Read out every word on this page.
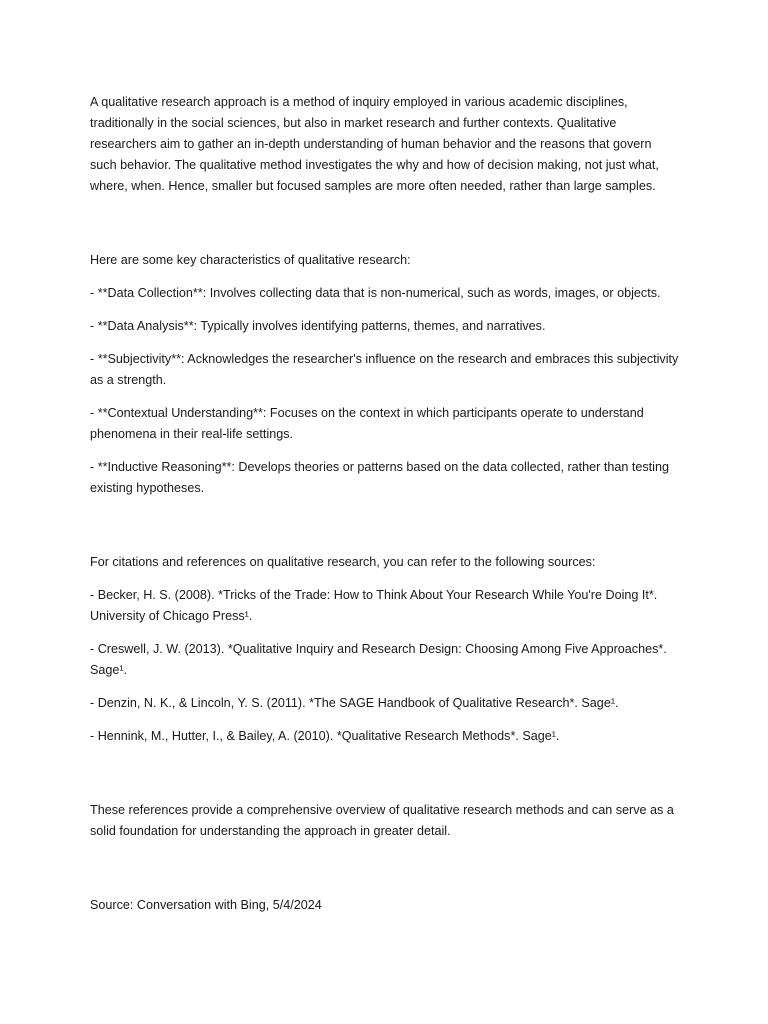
A qualitative research approach is a method of inquiry employed in various academic disciplines, traditionally in the social sciences, but also in market research and further contexts. Qualitative researchers aim to gather an in-depth understanding of human behavior and the reasons that govern such behavior. The qualitative method investigates the why and how of decision making, not just what, where, when. Hence, smaller but focused samples are more often needed, rather than large samples.

Here are some key characteristics of qualitative research:

- **Data Collection**: Involves collecting data that is non-numerical, such as words, images, or objects.

- **Data Analysis**: Typically involves identifying patterns, themes, and narratives.

- **Subjectivity**: Acknowledges the researcher's influence on the research and embraces this subjectivity as a strength.

- **Contextual Understanding**: Focuses on the context in which participants operate to understand phenomena in their real-life settings.

- **Inductive Reasoning**: Develops theories or patterns based on the data collected, rather than testing existing hypotheses.

For citations and references on qualitative research, you can refer to the following sources:

- Becker, H. S. (2008). *Tricks of the Trade: How to Think About Your Research While You're Doing It*. University of Chicago Press¹.

- Creswell, J. W. (2013). *Qualitative Inquiry and Research Design: Choosing Among Five Approaches*. Sage¹.

- Denzin, N. K., & Lincoln, Y. S. (2011). *The SAGE Handbook of Qualitative Research*. Sage¹.

- Hennink, M., Hutter, I., & Bailey, A. (2010). *Qualitative Research Methods*. Sage¹.

These references provide a comprehensive overview of qualitative research methods and can serve as a solid foundation for understanding the approach in greater detail.

Source: Conversation with Bing, 5/4/2024
